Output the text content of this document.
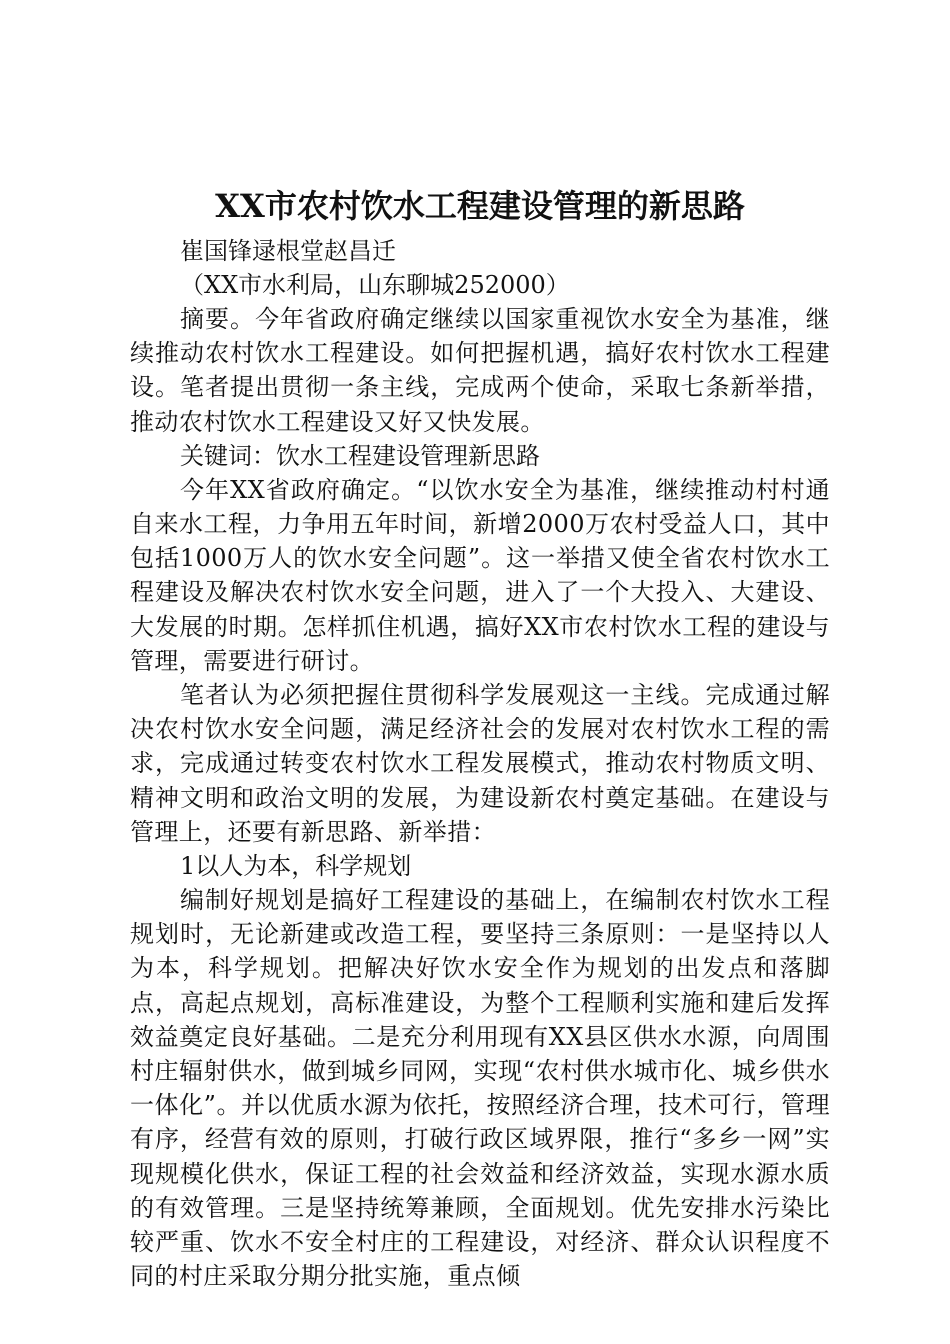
XX市农村饮水工程建设管理的新思路

崔国锋逯根堂赵昌迁

（XX市水利局，山东聊城252000）

摘要。今年省政府确定继续以国家重视饮水安全为基准，继续推动农村饮水工程建设。如何把握机遇，搞好农村饮水工程建设。笔者提出贯彻一条主线，完成两个使命，采取七条新举措，推动农村饮水工程建设又好又快发展。

关键词：饮水工程建设管理新思路

今年XX省政府确定。“以饮水安全为基准，继续推动村村通自来水工程，力争用五年时间，新增2000万农村受益人口，其中包括1000万人的饮水安全问题”。这一举措又使全省农村饮水工程建设及解决农村饮水安全问题，进入了一个大投入、大建设、大发展的时期。怎样抓住机遇，搞好XX市农村饮水工程的建设与管理，需要进行研讨。

笔者认为必须把握住贯彻科学发展观这一主线。完成通过解决农村饮水安全问题，满足经济社会的发展对农村饮水工程的需求，完成通过转变农村饮水工程发展模式，推动农村物质文明、精神文明和政治文明的发展，为建设新农村奠定基础。在建设与管理上，还要有新思路、新举措：

1以人为本，科学规划

编制好规划是搞好工程建设的基础上，在编制农村饮水工程规划时，无论新建或改造工程，要坚持三条原则：一是坚持以人为本，科学规划。把解决好饮水安全作为规划的出发点和落脚点，高起点规划，高标准建设，为整个工程顺利实施和建后发挥效益奠定良好基础。二是充分利用现有XX县区供水水源，向周围村庄辐射供水，做到城乡同网，实现“农村供水城市化、城乡供水一体化”。并以优质水源为依托，按照经济合理，技术可行，管理有序，经营有效的原则，打破行政区域界限，推行“多乡一网”实现规模化供水，保证工程的社会效益和经济效益，实现水源水质的有效管理。三是坚持统筹兼顾，全面规划。优先安排水污染比较严重、饮水不安全村庄的工程建设，对经济、群众认识程度不同的村庄采取分期分批实施，重点倾
